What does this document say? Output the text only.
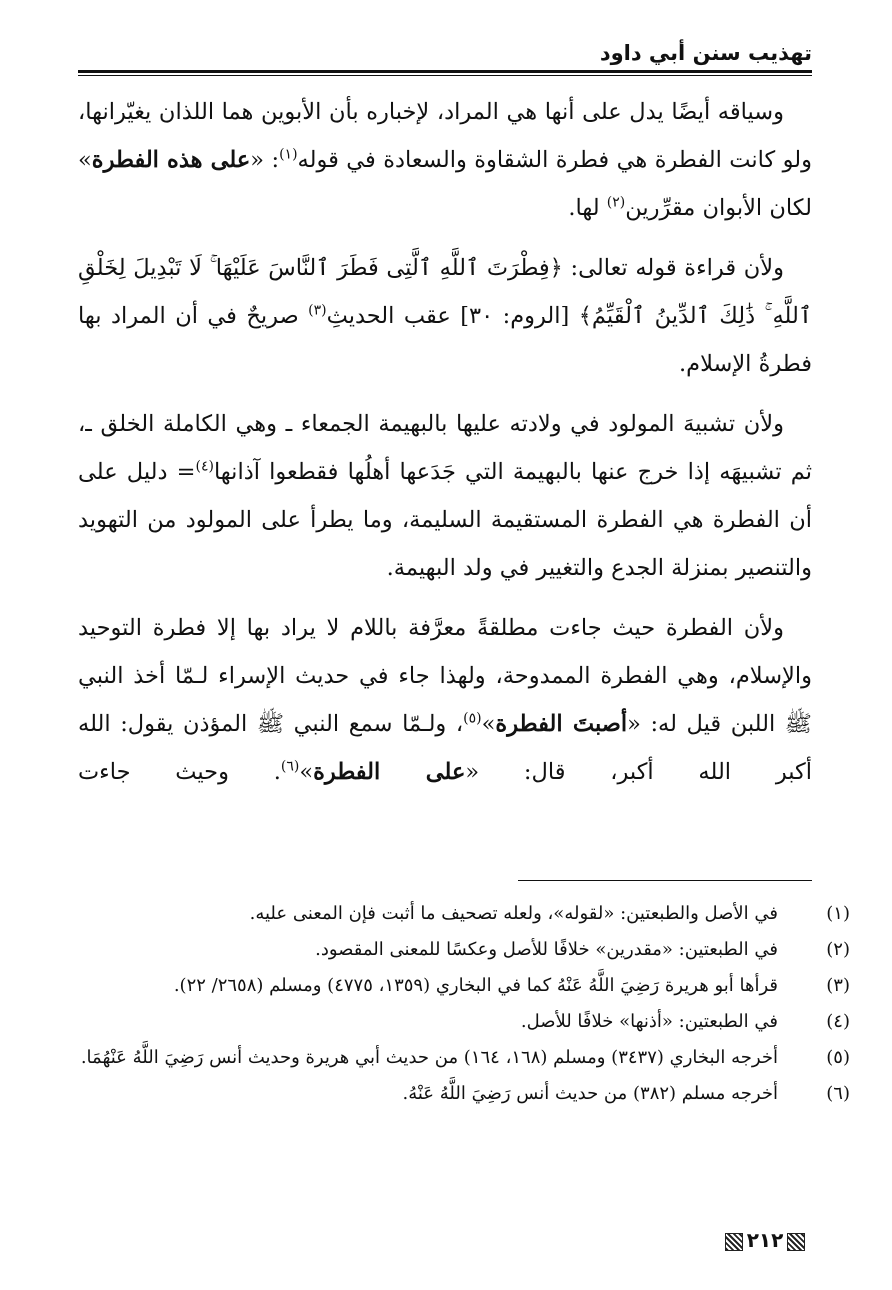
تهذيب سنن أبي داود

وسياقه أيضًا يدل على أنها هي المراد، لإخباره بأن الأبوين هما اللذان يغيّرانها، ولو كانت الفطرة هي فطرة الشقاوة والسعادة في قوله$^{(١)}$: «على هذه الفطرة» لكان الأبوان مقرِّرين$^{(٢)}$ لها.

ولأن قراءة قوله تعالى: ﴿فِطْرَتَ ٱللَّهِ ٱلَّتِى فَطَرَ ٱلنَّاسَ عَلَيْهَا ۚ لَا تَبْدِيلَ لِخَلْقِ ٱللَّهِ ۚ ذَٰلِكَ ٱلدِّينُ ٱلْقَيِّمُ﴾ [الروم: ٣٠] عقب الحديثِ$^{(٣)}$ صريحٌ في أن المراد بها فطرةُ الإسلام.

ولأن تشبيهَ المولود في ولادته عليها بالبهيمة الجمعاء ـ وهي الكاملة الخلق ـ، ثم تشبيهَه إذا خرج عنها بالبهيمة التي جَدَعها أهلُها فقطعوا آذانها$^{(٤)}$= دليل على أن الفطرة هي الفطرة المستقيمة السليمة، وما يطرأ على المولود من التهويد والتنصير بمنزلة الجدع والتغيير في ولد البهيمة.

ولأن الفطرة حيث جاءت مطلقةً معرَّفة باللام لا يراد بها إلا فطرة التوحيد والإسلام، وهي الفطرة الممدوحة، ولهذا جاء في حديث الإسراء لـمّا أخذ النبي ﷺ اللبن قيل له: «أصبتَ الفطرة»$^{(٥)}$، ولـمّا سمع النبي ﷺ المؤذن يقول: الله أكبر الله أكبر، قال: «على الفطرة»$^{(٦)}$. وحيث جاءت

(١)في الأصل والطبعتين: «لقوله»، ولعله تصحيف ما أثبت فإن المعنى عليه.
(٢)في الطبعتين: «مقدرين» خلافًا للأصل وعكسًا للمعنى المقصود.
(٣)قرأها أبو هريرة رَضِيَ اللَّهُ عَنْهُ كما في البخاري (١٣٥٩، ٤٧٧٥) ومسلم (٢٦٥٨/ ٢٢).
(٤)في الطبعتين: «أذنها» خلافًا للأصل.
(٥)أخرجه البخاري (٣٤٣٧) ومسلم (١٦٨، ١٦٤) من حديث أبي هريرة وحديث أنس رَضِيَ اللَّهُ عَنْهُمَا.
(٦)أخرجه مسلم (٣٨٢) من حديث أنس رَضِيَ اللَّهُ عَنْهُ.
٢١٢
